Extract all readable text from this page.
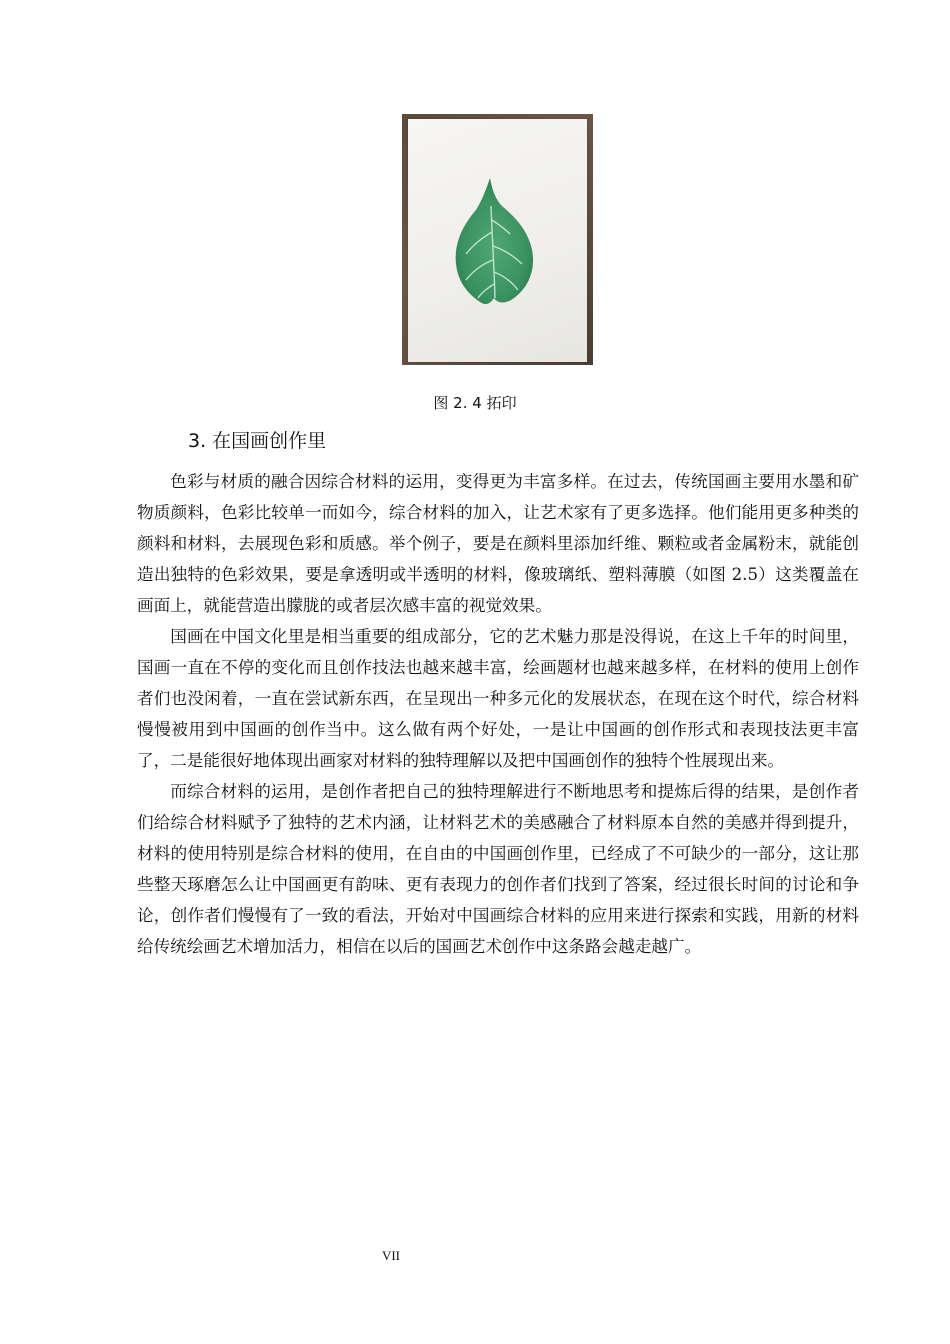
图 2. 4 拓印
3. 在国画创作里

色彩与材质的融合因综合材料的运用，变得更为丰富多样。在过去，传统国画主要用水墨和矿物质颜料，色彩比较单一而如今，综合材料的加入，让艺术家有了更多选择。他们能用更多种类的颜料和材料，去展现色彩和质感。举个例子，要是在颜料里添加纤维、颗粒或者金属粉末，就能创造出独特的色彩效果，要是拿透明或半透明的材料，像玻璃纸、塑料薄膜（如图 2.5）这类覆盖在画面上，就能营造出朦胧的或者层次感丰富的视觉效果。

国画在中国文化里是相当重要的组成部分，它的艺术魅力那是没得说，在这上千年的时间里，国画一直在不停的变化而且创作技法也越来越丰富，绘画题材也越来越多样，在材料的使用上创作者们也没闲着，一直在尝试新东西，在呈现出一种多元化的发展状态，在现在这个时代，综合材料慢慢被用到中国画的创作当中。这么做有两个好处，一是让中国画的创作形式和表现技法更丰富了，二是能很好地体现出画家对材料的独特理解以及把中国画创作的独特个性展现出来。

而综合材料的运用，是创作者把自己的独特理解进行不断地思考和提炼后得的结果，是创作者们给综合材料赋予了独特的艺术内涵，让材料艺术的美感融合了材料原本自然的美感并得到提升，材料的使用特别是综合材料的使用，在自由的中国画创作里，已经成了不可缺少的一部分，这让那些整天琢磨怎么让中国画更有韵味、更有表现力的创作者们找到了答案，经过很长时间的讨论和争论，创作者们慢慢有了一致的看法，开始对中国画综合材料的应用来进行探索和实践，用新的材料给传统绘画艺术增加活力，相信在以后的国画艺术创作中这条路会越走越广。

VII
